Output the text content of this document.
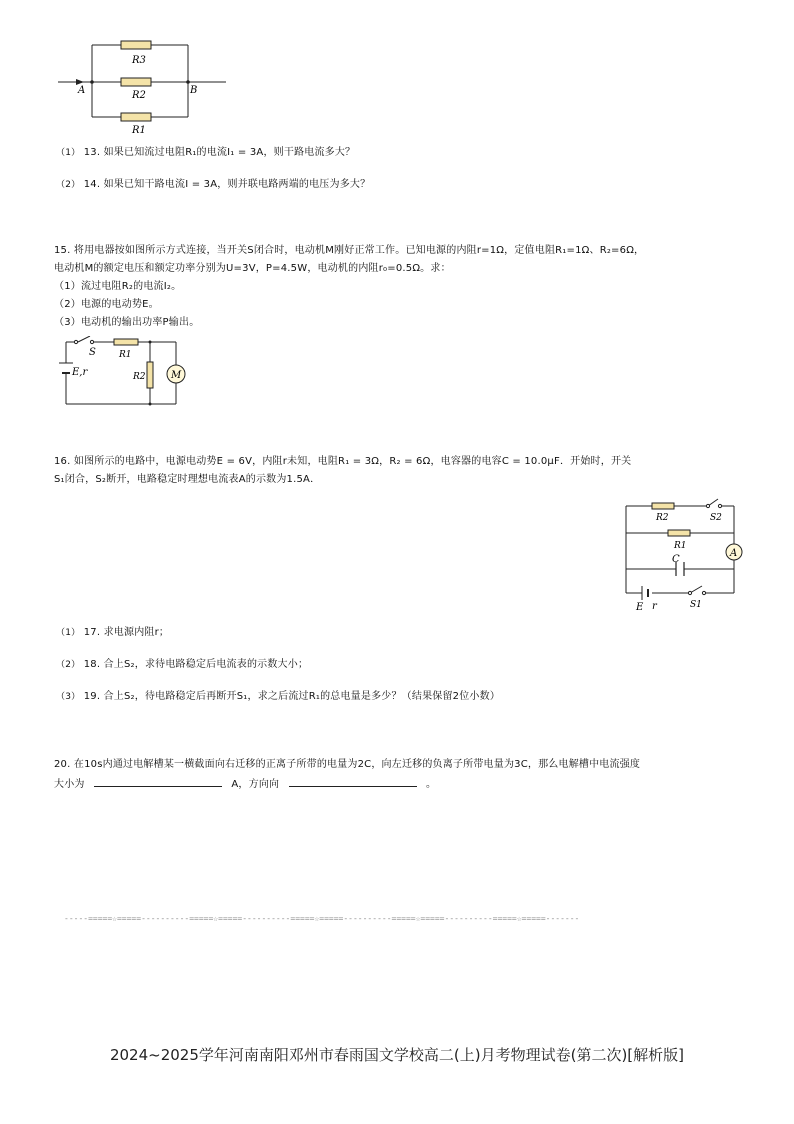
R3
R2
R1
A	B
（1） 13. 如果已知流过电阻R₁的电流I₁ = 3A，则干路电流多大？
（2） 14. 如果已知干路电流I = 3A，则并联电路两端的电压为多大？
15. 将用电器按如图所示方式连接，当开关S闭合时，电动机M刚好正常工作。已知电源的内阻r=1Ω，定值电阻R₁=1Ω、R₂=6Ω，
电动机M的额定电压和额定功率分别为U=3V，P=4.5W，电动机的内阻r₀=0.5Ω。求：
（1）流过电阻R₂的电流I₂。
（2）电源的电动势E。
（3）电动机的输出功率P输出。
M
S	R1
R2
E,r
16. 如图所示的电路中，电源电动势E = 6V，内阻r未知，电阻R₁ = 3Ω，R₂ = 6Ω，电容器的电容C = 10.0μF．开始时，开关
S₁闭合，S₂断开，电路稳定时理想电流表A的示数为1.5A．
A
R2	S2
R1
C
E r	S1
（1） 17. 求电源内阻r；
（2） 18. 合上S₂，求待电路稳定后电流表的示数大小；
（3） 19. 合上S₂，待电路稳定后再断开S₁，求之后流过R₁的总电量是多少？（结果保留2位小数）
20. 在10s内通过电解槽某一横截面向右迁移的正离子所带的电量为2C，向左迁移的负离子所带电量为3C，那么电解槽中电流强度
大小为	A，方向向	。
-----=====☆=====----------=====☆=====----------=====☆=====----------=====☆=====----------=====☆=====-------
2024~2025学年河南南阳邓州市春雨国文学校高二(上)月考物理试卷(第二次)[解析版]
